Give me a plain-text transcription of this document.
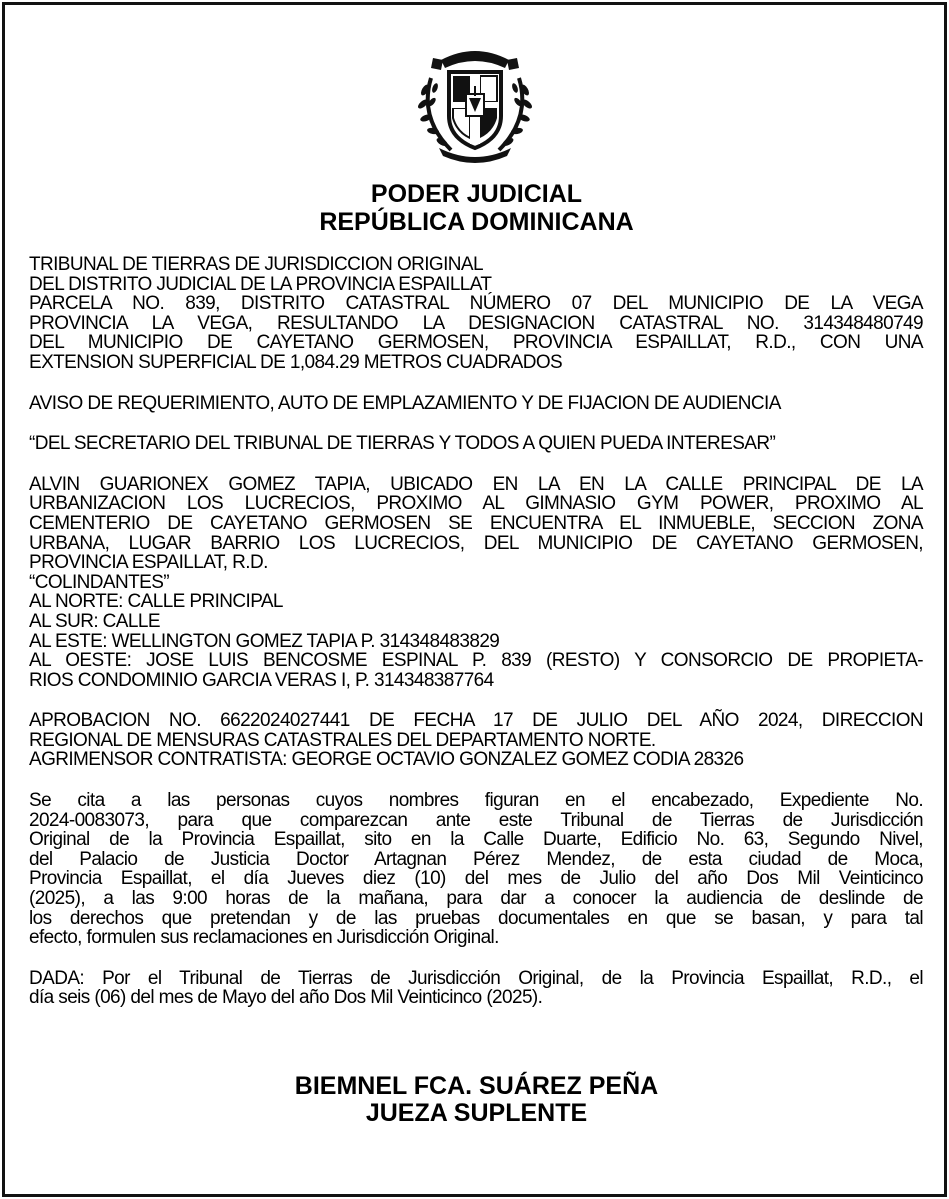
PODER JUDICIAL
REPÚBLICA DOMINICANA
TRIBUNAL DE TIERRAS DE JURISDICCION ORIGINAL
DEL DISTRITO JUDICIAL DE LA PROVINCIA ESPAILLAT
PARCELA NO. 839, DISTRITO CATASTRAL NÚMERO 07 DEL MUNICIPIO DE LA VEGA
PROVINCIA LA VEGA, RESULTANDO LA DESIGNACION CATASTRAL NO. 314348480749
DEL MUNICIPIO DE CAYETANO GERMOSEN, PROVINCIA ESPAILLAT, R.D., CON UNA
EXTENSION SUPERFICIAL DE 1,084.29 METROS CUADRADOS
AVISO DE REQUERIMIENTO, AUTO DE EMPLAZAMIENTO Y DE FIJACION DE AUDIENCIA
“DEL SECRETARIO DEL TRIBUNAL DE TIERRAS Y TODOS A QUIEN PUEDA INTERESAR”
ALVIN GUARIONEX GOMEZ TAPIA, UBICADO EN LA EN LA CALLE PRINCIPAL DE LA
URBANIZACION LOS LUCRECIOS, PROXIMO AL GIMNASIO GYM POWER, PROXIMO AL
CEMENTERIO DE CAYETANO GERMOSEN SE ENCUENTRA EL INMUEBLE, SECCION ZONA
URBANA, LUGAR BARRIO LOS LUCRECIOS, DEL MUNICIPIO DE CAYETANO GERMOSEN,
PROVINCIA ESPAILLAT, R.D.
“COLINDANTES”
AL NORTE: CALLE PRINCIPAL
AL SUR: CALLE
AL ESTE: WELLINGTON GOMEZ TAPIA P. 314348483829
AL OESTE: JOSE LUIS BENCOSME ESPINAL P. 839 (RESTO) Y CONSORCIO DE PROPIETA-
RIOS CONDOMINIO GARCIA VERAS I, P. 314348387764
APROBACION NO. 6622024027441 DE FECHA 17 DE JULIO DEL AÑO 2024, DIRECCION
REGIONAL DE MENSURAS CATASTRALES DEL DEPARTAMENTO NORTE.
AGRIMENSOR CONTRATISTA: GEORGE OCTAVIO GONZALEZ GOMEZ CODIA 28326
Se cita a las personas cuyos nombres figuran en el encabezado, Expediente No.
2024-0083073, para que comparezcan ante este Tribunal de Tierras de Jurisdicción
Original de la Provincia Espaillat, sito en la Calle Duarte, Edificio No. 63, Segundo Nivel,
del Palacio de Justicia Doctor Artagnan Pérez Mendez, de esta ciudad de Moca,
Provincia Espaillat, el día Jueves diez (10) del mes de Julio del año Dos Mil Veinticinco
(2025), a las 9:00 horas de la mañana, para dar a conocer la audiencia de deslinde de
los derechos que pretendan y de las pruebas documentales en que se basan, y para tal
efecto, formulen sus reclamaciones en Jurisdicción Original.
DADA: Por el Tribunal de Tierras de Jurisdicción Original, de la Provincia Espaillat, R.D., el
día seis (06) del mes de Mayo del año Dos Mil Veinticinco (2025).
BIEMNEL FCA. SUÁREZ PEÑA
JUEZA SUPLENTE
